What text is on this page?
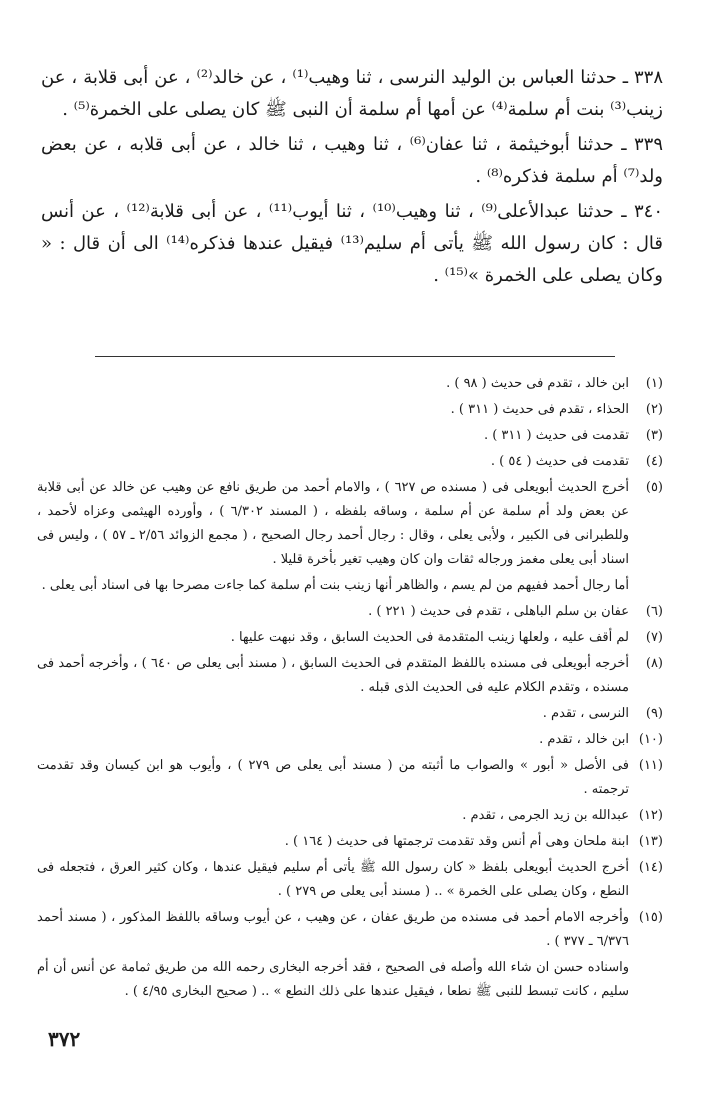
٣٣٨ ـ حدثنا العباس بن الوليد النرسى ، ثنا وهيب⁽¹⁾ ، عن خالد⁽²⁾ ، عن أبى قلابة ، عن زينب⁽³⁾ بنت أم سلمة⁽⁴⁾ عن أمها أم سلمة أن النبى ﷺ كان يصلى على الخمرة⁽⁵⁾ .

٣٣٩ ـ حدثنا أبوخيثمة ، ثنا عفان⁽⁶⁾ ، ثنا وهيب ، ثنا خالد ، عن أبى قلابه ، عن بعض ولد⁽⁷⁾ أم سلمة فذكره⁽⁸⁾ .

٣٤٠ ـ حدثنا عبدالأعلى⁽⁹⁾ ، ثنا وهيب⁽¹⁰⁾ ، ثنا أيوب⁽¹¹⁾ ، عن أبى قلابة⁽¹²⁾ ، عن أنس قال : كان رسول الله ﷺ يأتى أم سليم⁽¹³⁾ فيقيل عندها فذكره⁽¹⁴⁾ الى أن قال : « وكان يصلى على الخمرة »⁽¹⁵⁾ .

(١)
ابن خالد ، تقدم فى حديث ( ٩٨ ) .
(٢)
الحذاء ، تقدم فى حديث ( ٣١١ ) .
(٣)
تقدمت فى حديث ( ٣١١ ) .
(٤)
تقدمت فى حديث ( ٥٤ ) .
(٥)
أخرج الحديث أبويعلى فى ( مسنده ص ٦٢٧ ) ، والامام أحمد من طريق نافع عن وهيب عن خالد عن أبى قلابة عن بعض ولد أم سلمة عن أم سلمة ، وساقه بلفظه ، ( المسند ٦/٣٠٢ ) ، وأورده الهيثمى وعزاه لأحمد ، وللطبرانى فى الكبير ، ولأبى يعلى ، وقال : رجال أحمد رجال الصحيح ، ( مجمع الزوائد ٢/٥٦ ـ ٥٧ ) ، وليس فى اسناد أبى يعلى مغمز ورجاله ثقات وان كان وهيب تغير بأخرة قليلا .
أما رجال أحمد ففيهم من لم يسم ، والظاهر أنها زينب بنت أم سلمة كما جاءت مصرحا بها فى اسناد أبى يعلى .
(٦)
عفان بن سلم الباهلى ، تقدم فى حديث ( ٢٢١ ) .
(٧)
لم أقف عليه ، ولعلها زينب المتقدمة فى الحديث السابق ، وقد نبهت عليها .
(٨)
أخرجه أبويعلى فى مسنده باللفظ المتقدم فى الحديث السابق ، ( مسند أبى يعلى ص ٦٤٠ ) ، وأخرجه أحمد فى مسنده ، وتقدم الكلام عليه فى الحديث الذى قبله .
(٩)
النرسى ، تقدم .
(١٠)
ابن خالد ، تقدم .
(١١)
فى الأصل « أبور » والصواب ما أثبته من ( مسند أبى يعلى ص ٢٧٩ ) ، وأيوب هو ابن كيسان وقد تقدمت ترجمته .
(١٢)
عبدالله بن زيد الجرمى ، تقدم .
(١٣)
ابنة ملحان وهى أم أنس وقد تقدمت ترجمتها فى حديث ( ١٦٤ ) .
(١٤)
أخرج الحديث أبويعلى بلفظ « كان رسول الله ﷺ يأتى أم سليم فيقيل عندها ، وكان كثير العرق ، فتجعله فى النطع ، وكان يصلى على الخمرة » .. ( مسند أبى يعلى ص ٢٧٩ ) .
(١٥)
وأخرجه الامام أحمد فى مسنده من طريق عفان ، عن وهيب ، عن أيوب وساقه باللفظ المذكور ، ( مسند أحمد ٦/٣٧٦ ـ ٣٧٧ ) .
واسناده حسن ان شاء الله وأصله فى الصحيح ، فقد أخرجه البخارى رحمه الله من طريق ثمامة عن أنس أن أم سليم ، كانت تبسط للنبى ﷺ نطعا ، فيقيل عندها على ذلك النطع » .. ( صحيح البخارى ٤/٩٥ ) .
٣٧٢
